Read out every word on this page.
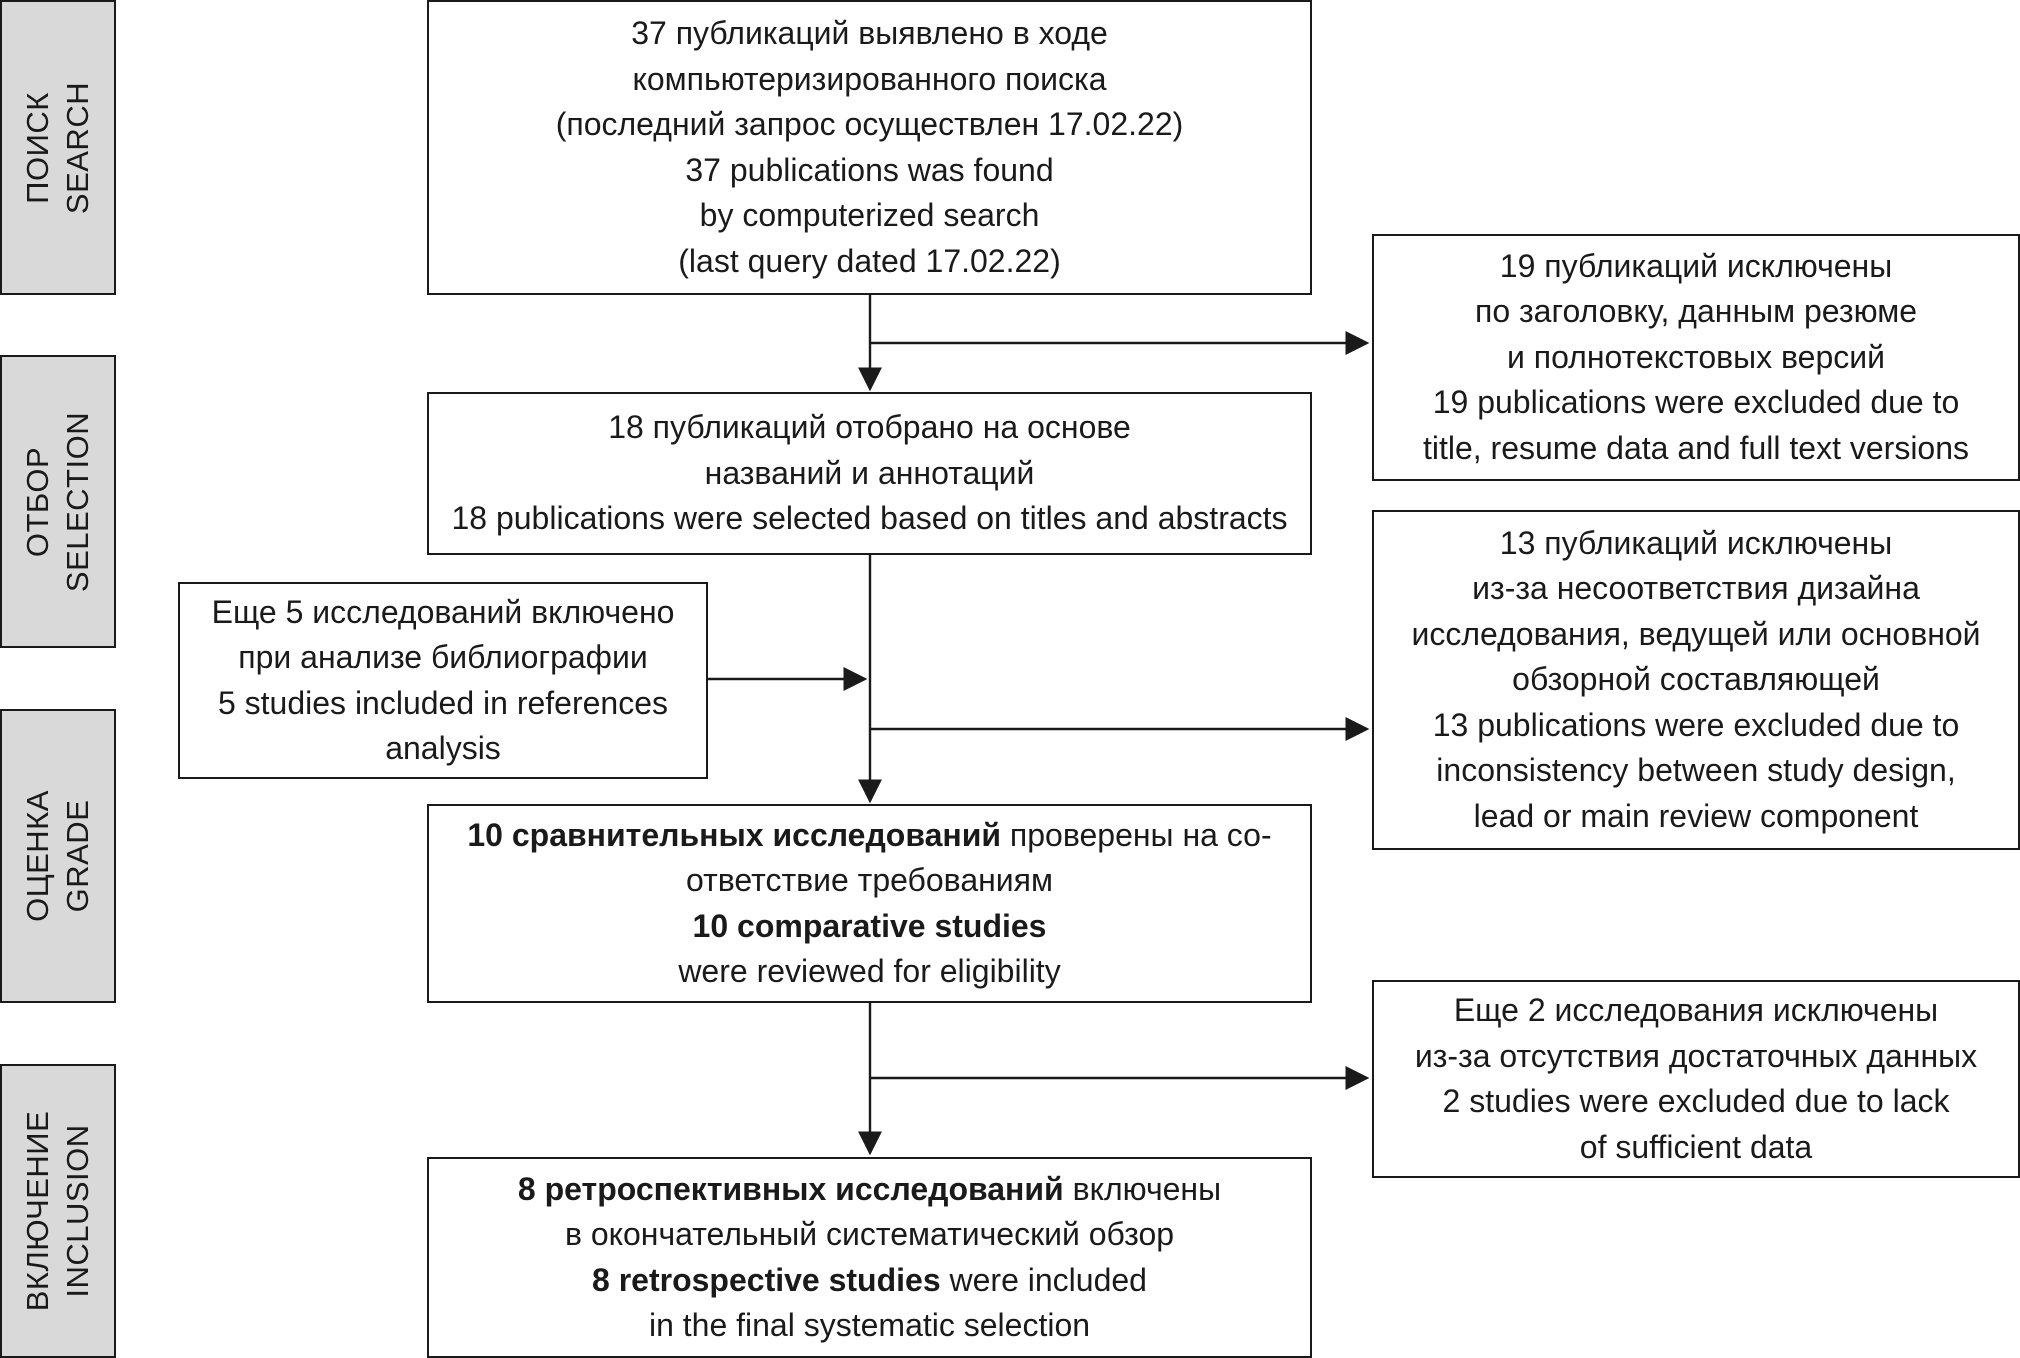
ПОИСК SEARCH
ОТБОР SELECTION
ОЦЕНКА GRADE
ВКЛЮЧЕНИЕ INCLUSION
37 публикаций выявлено в ходе
компьютеризированного поиска
(последний запрос осуществлен 17.02.22)
37 publications was found
by computerized search
(last query dated 17.02.22)	19 публикаций исключены
по заголовку, данным резюме
и полнотекстовых версий
19 publications were excluded due to
title, resume data and full text versions
18 публикаций отобрано на основе
названий и аннотаций
18 publications were selected based on titles and abstracts
13 публикаций исключены
из-за несоответствия дизайна
исследования, ведущей или основной
обзорной составляющей
13 publications were excluded due to
inconsistency between study design,
lead or main review component
Еще 5 исследований включено
при анализе библиографии
5 studies included in references
analysis
10 сравнительных исследований проверены на со-
ответствие требованиям
10 comparative studies
were reviewed for eligibility
Еще 2 исследования исключены
из-за отсутствия достаточных данных
2 studies were excluded due to lack
of sufficient data
8 ретроспективных исследований включены
в окончательный систематический обзор
8 retrospective studies were included
in the final systematic selection
